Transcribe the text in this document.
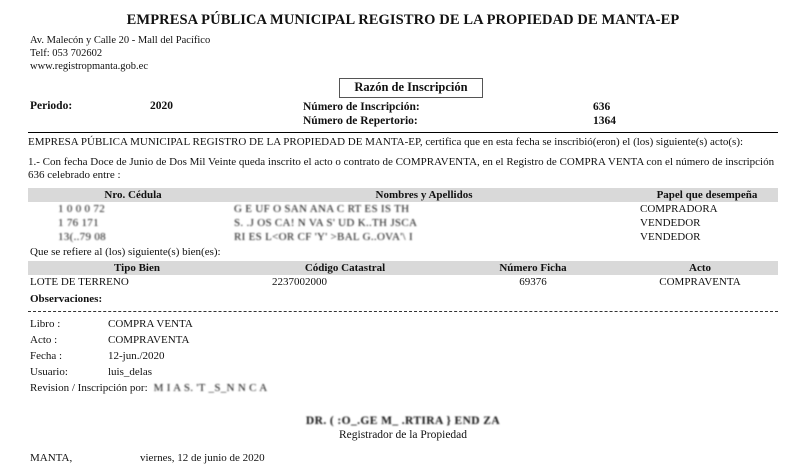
EMPRESA PÚBLICA MUNICIPAL REGISTRO DE LA PROPIEDAD DE MANTA-EP
Av. Malecón y Calle 20 - Mall del Pacífico
Telf: 053 702602
www.registropmanta.gob.ec
Razón de Inscripción
Periodo:	2020	Número de Inscripción:	636
Número de Repertorio:	1364

EMPRESA PÚBLICA MUNICIPAL REGISTRO DE LA PROPIEDAD DE MANTA-EP, certifica que en esta fecha se inscribió(eron) el (los) siguiente(s) acto(s):

1.- Con fecha Doce de Junio de Dos Mil Veinte queda inscrito el acto o contrato de COMPRAVENTA, en el Registro de COMPRA VENTA con el número de inscripción 636 celebrado entre :

Nro. Cédula	Nombres y Apellidos	Papel que desempeña
1 0 0 0 72	G E UF O SAN ANA C RT ES IS TH	COMPRADORA
1 76 171	S. .J OS CA! N VA S' UD K..TH JSCA	VENDEDOR
13(..79 08	RI ES L<OR CF 'Y' >BAL G..OVA'\ I	VENDEDOR
Que se refiere al (los) siguiente(s) bien(es):
Tipo Bien	Código Catastral	Número Ficha	Acto
LOTE DE TERRENO	2237002000	69376	COMPRAVENTA
Observaciones:
Libro :	COMPRA VENTA
Acto :	COMPRAVENTA
Fecha :	12-jun./2020
Usuario:	luis_delas
Revision / Inscripción por: M I A S. 'T _S_N N C A
DR. ( :O_.GE M_ .RTIRA } END ZA
Registrador de la Propiedad
MANTA,	viernes, 12 de junio de 2020
